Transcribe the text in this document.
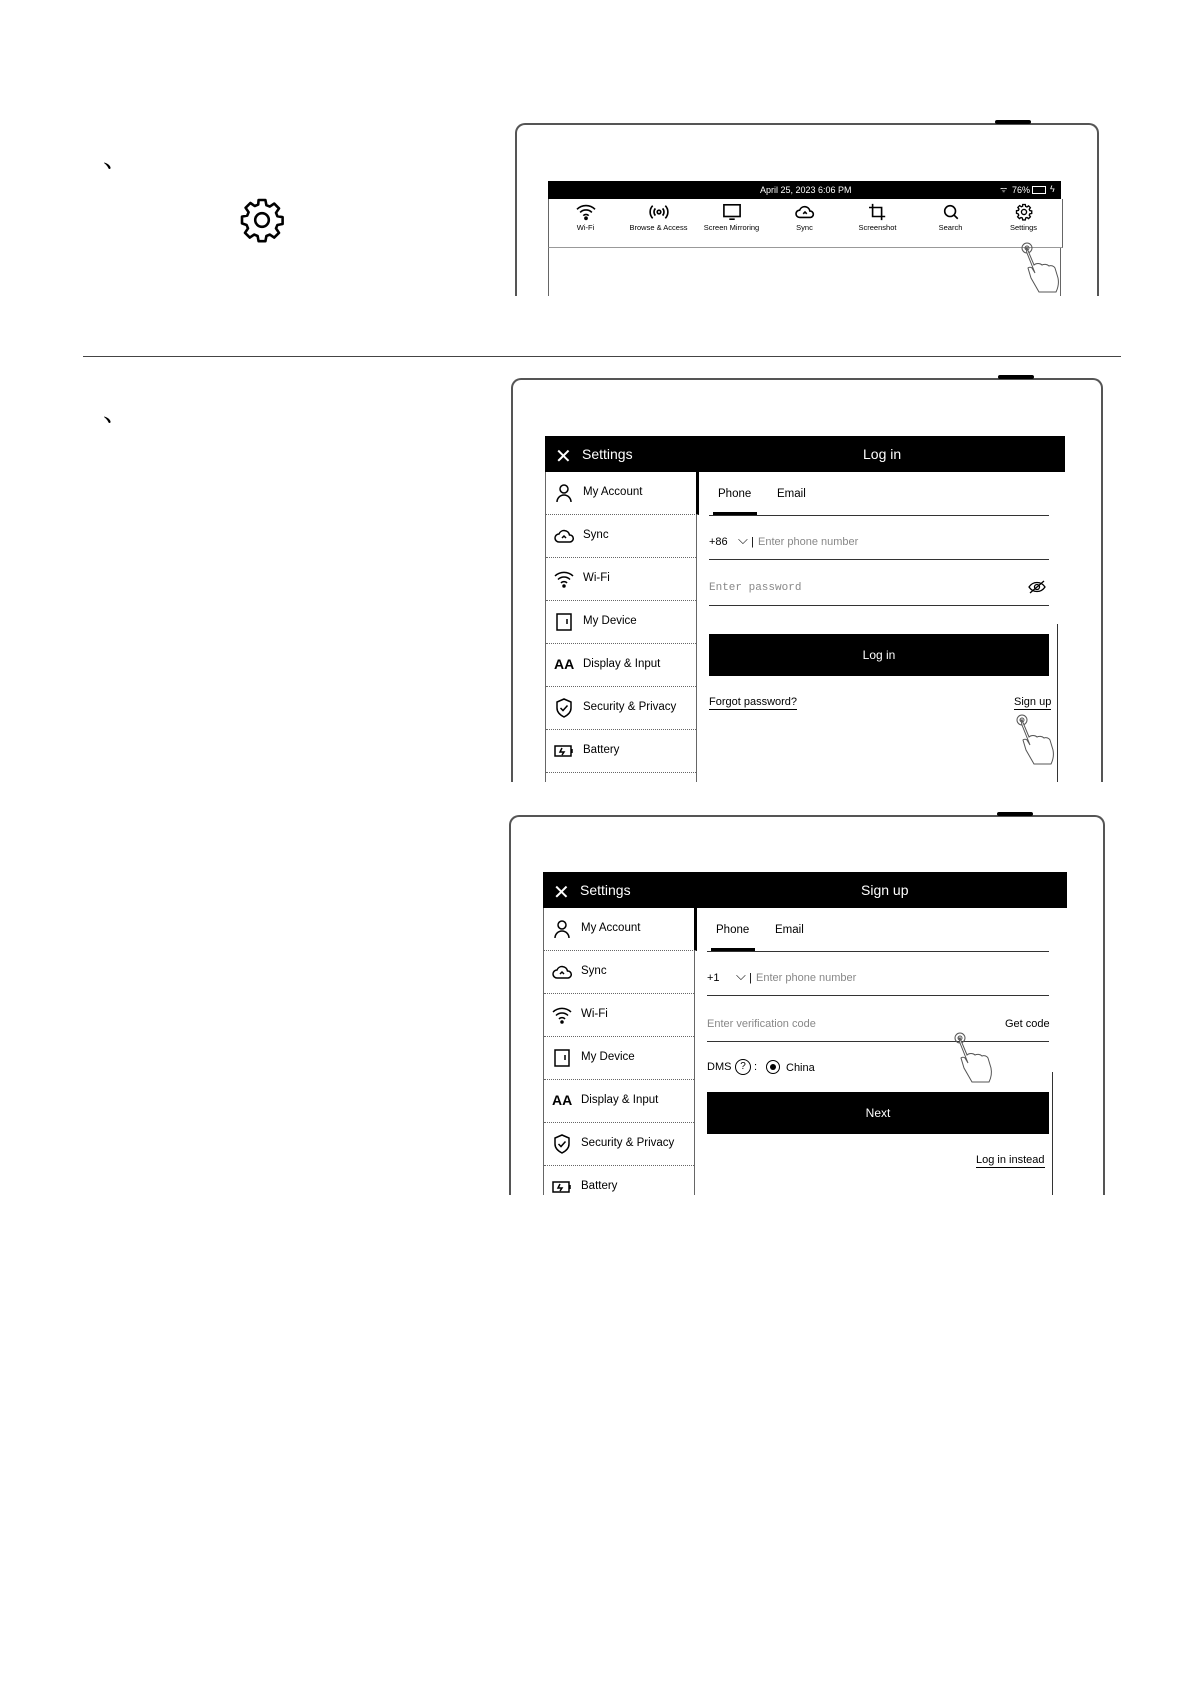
、
April 25, 2023 6:06 PM	ᯤ 76% ϟ
Wi-Fi	Browse & Access	Screen Mirroring	Sync	Screenshot	Search	Settings
、
✕ Settings	Log in
My Account
Sync
Wi-Fi
My Device
AA Display & Input
Security & Privacy
Battery
Phone Email
+86 ⌵ | Enter phone number
Enter password
Log in
Forgot password?	Sign up
✕ Settings	Sign up
My Account
Sync
Wi-Fi
My Device
AA Display & Input
Security & Privacy
Battery
Phone Email
+1 ⌵ | Enter phone number
Enter verification code	Get code
DMS ? :	China
Next
Log in instead
